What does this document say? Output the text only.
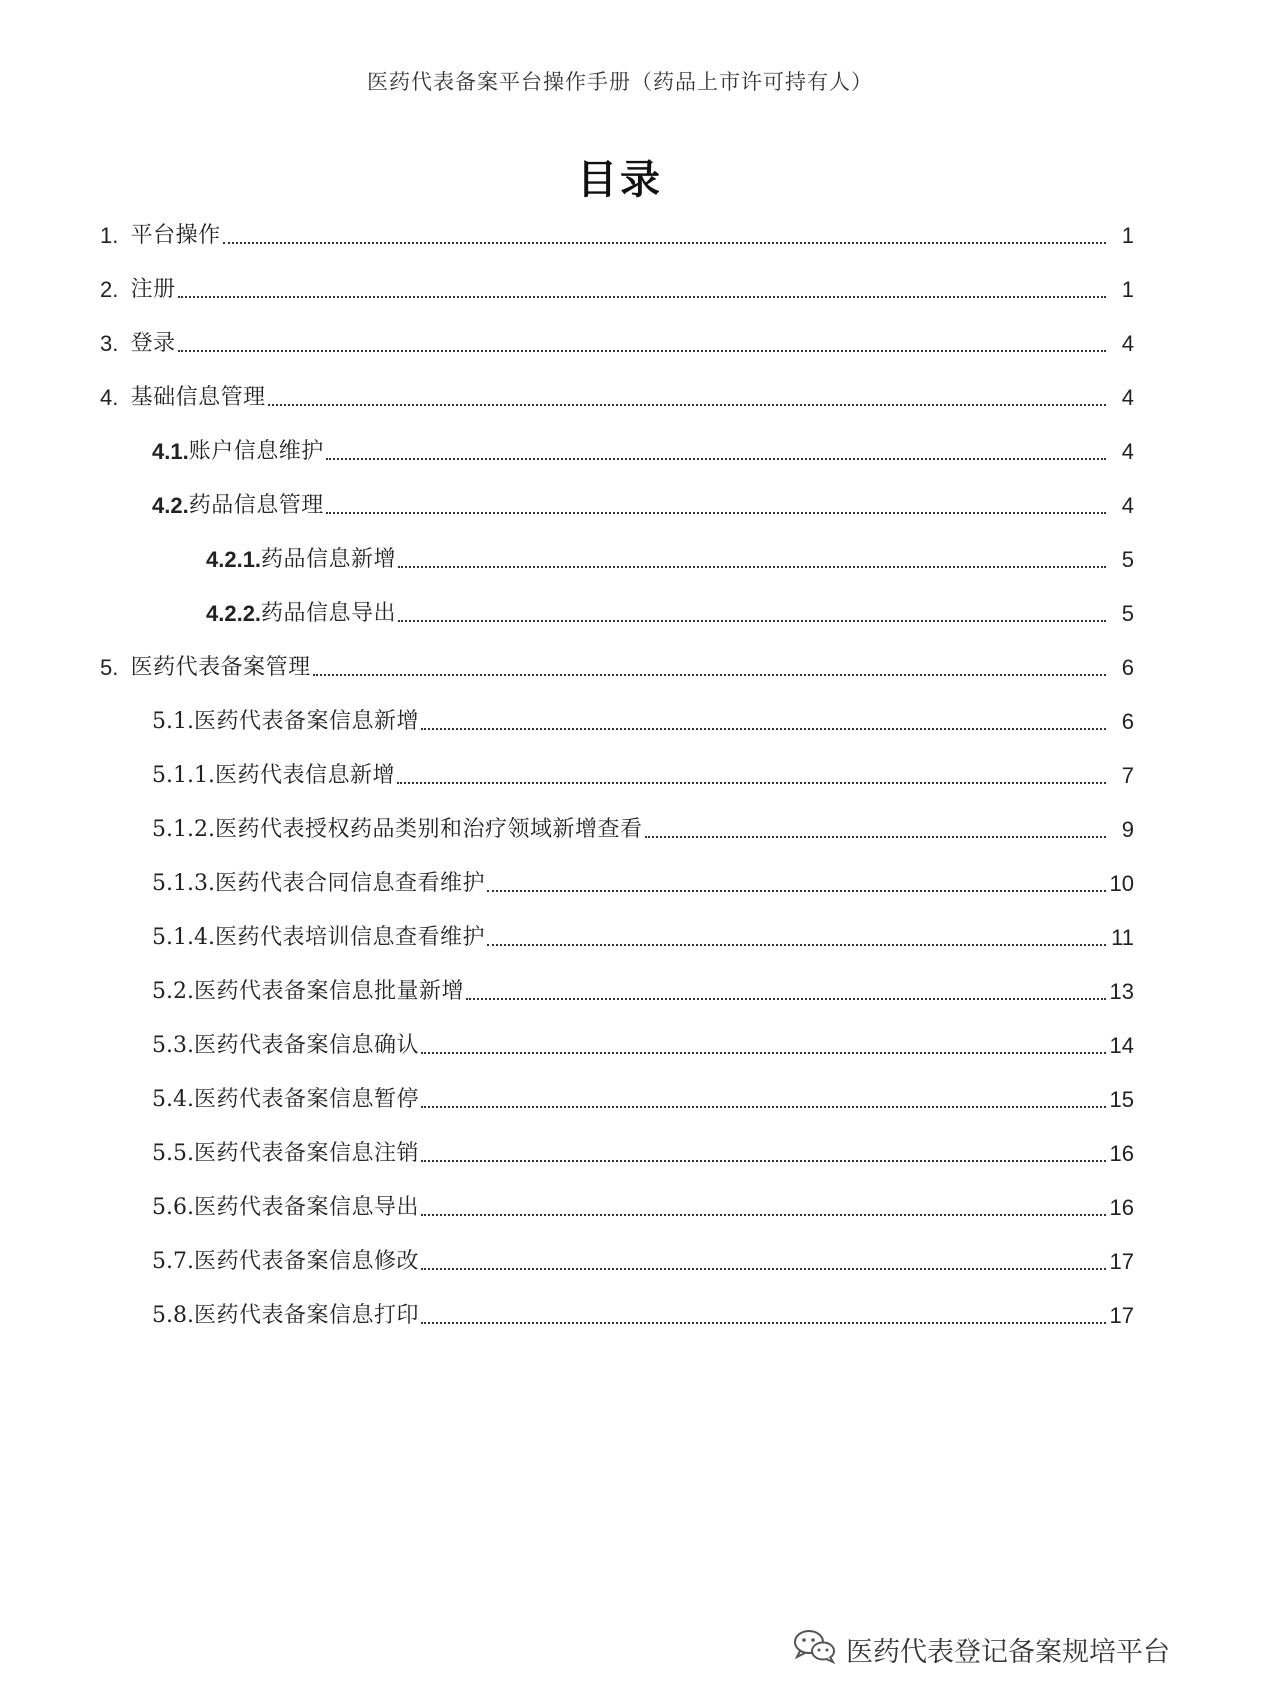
医药代表备案平台操作手册（药品上市许可持有人）
目录
1. 平台操作	1
2. 注册	1
3. 登录	4
4. 基础信息管理	4
4.1. 账户信息维护	4
4.2. 药品信息管理	4
4.2.1. 药品信息新增	5
4.2.2. 药品信息导出	5
5. 医药代表备案管理	6
5.1. 医药代表备案信息新增	6
5.1.1. 医药代表信息新增	7
5.1.2. 医药代表授权药品类别和治疗领域新增查看	9
5.1.3. 医药代表合同信息查看维护	10
5.1.4. 医药代表培训信息查看维护	11
5.2. 医药代表备案信息批量新增	13
5.3. 医药代表备案信息确认	14
5.4. 医药代表备案信息暂停	15
5.5. 医药代表备案信息注销	16
5.6. 医药代表备案信息导出	16
5.7. 医药代表备案信息修改	17
5.8. 医药代表备案信息打印	17
医药代表登记备案规培平台
